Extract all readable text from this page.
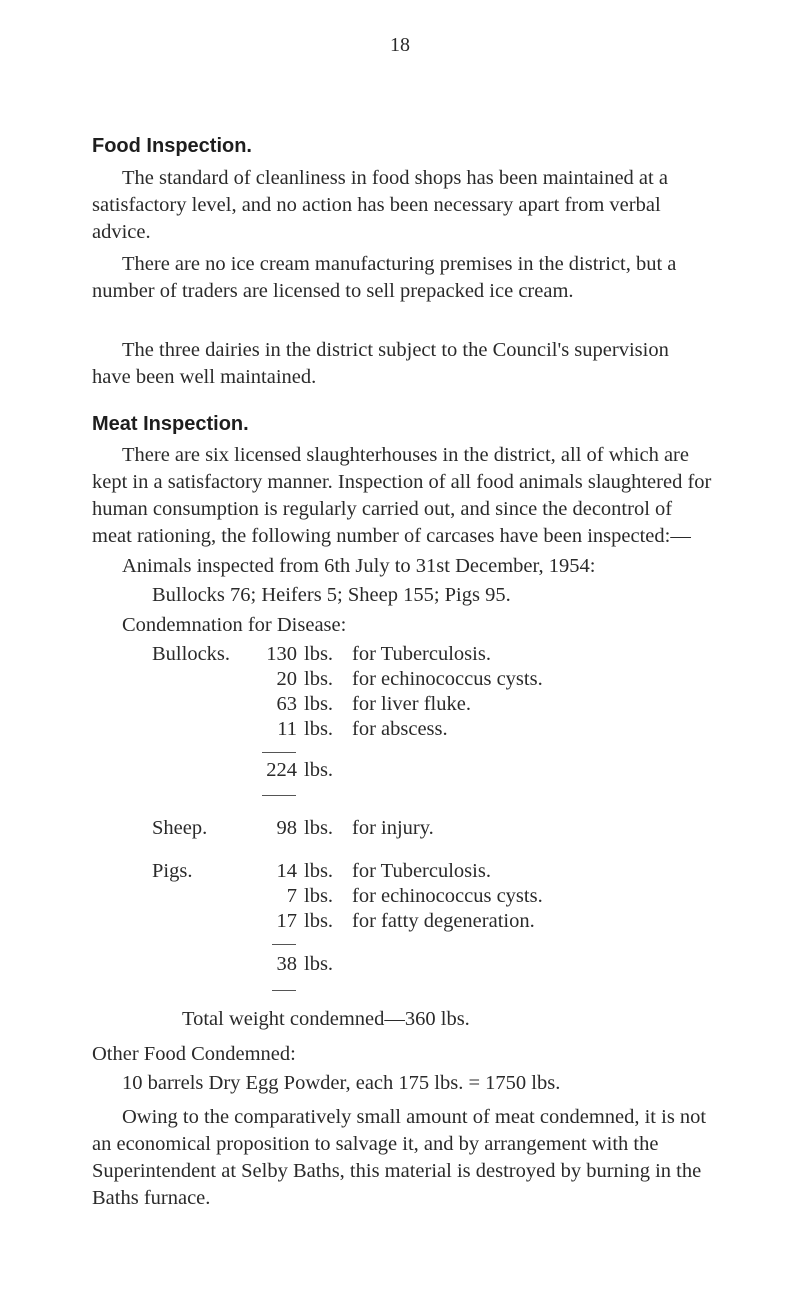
18
Food Inspection.
The standard of cleanliness in food shops has been maintained at a satisfactory level, and no action has been necessary apart from verbal advice.
There are no ice cream manufacturing premises in the district, but a number of traders are licensed to sell prepacked ice cream.
The three dairies in the district subject to the Council's supervision have been well maintained.
Meat Inspection.
There are six licensed slaughterhouses in the district, all of which are kept in a satisfactory manner. Inspection of all food animals slaughtered for human consumption is regularly carried out, and since the decontrol of meat rationing, the following number of carcases have been inspected:—
Animals inspected from 6th July to 31st December, 1954:
Bullocks 76; Heifers 5; Sheep 155; Pigs 95.
Condemnation for Disease:
Bullocks.	130 lbs. for Tuberculosis.
20 lbs. for echinococcus cysts.
63 lbs. for liver fluke.
11 lbs. for abscess.
224 lbs.
Sheep.	98 lbs. for injury.
Pigs.	14 lbs. for Tuberculosis.
7 lbs. for echinococcus cysts.
17 lbs. for fatty degeneration.
38 lbs.
Total weight condemned—360 lbs.
Other Food Condemned:
10 barrels Dry Egg Powder, each 175 lbs. = 1750 lbs.
Owing to the comparatively small amount of meat condemned, it is not an economical proposition to salvage it, and by arrangement with the Superintendent at Selby Baths, this material is destroyed by burning in the Baths furnace.
